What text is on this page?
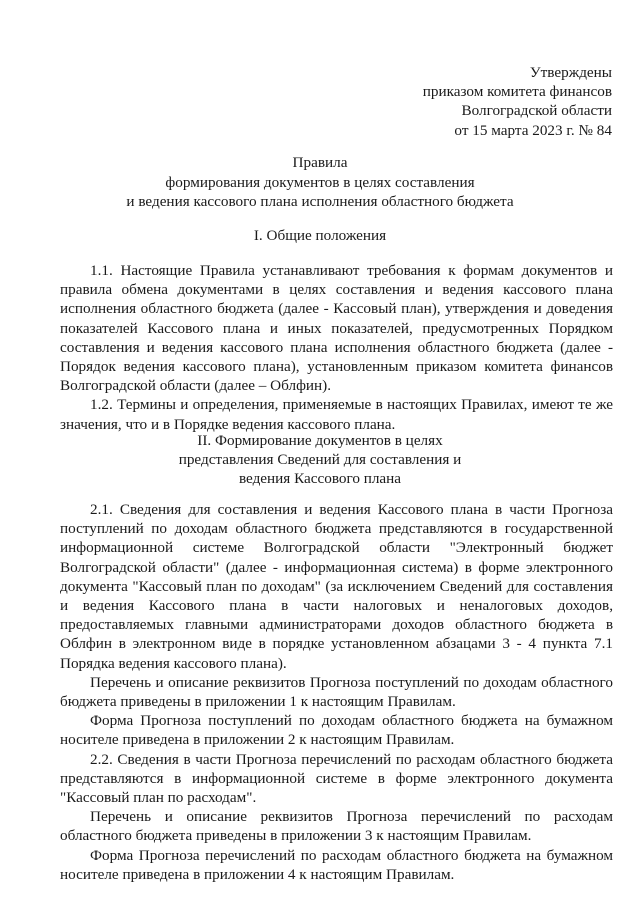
Утверждены
приказом комитета финансов
Волгоградской области
от 15 марта 2023 г. № 84
Правила
формирования документов в целях составления
и ведения кассового плана исполнения областного бюджета
I. Общие положения

1.1. Настоящие Правила устанавливают требования к формам документов и правила обмена документами в целях составления и ведения кассового плана исполнения областного бюджета (далее - Кассовый план), утверждения и доведения показателей Кассового плана и иных показателей, предусмотренных Порядком составления и ведения кассового плана исполнения областного бюджета (далее - Порядок ведения кассового плана), установленным приказом комитета финансов Волгоградской области (далее – Облфин).

1.2. Термины и определения, применяемые в настоящих Правилах, имеют те же значения, что и в Порядке ведения кассового плана.

II. Формирование документов в целях
представления Сведений для составления и
ведения Кассового плана

2.1. Сведения для составления и ведения Кассового плана в части Прогноза поступлений по доходам областного бюджета представляются в государственной информационной системе Волгоградской области "Электронный бюджет Волгоградской области" (далее - информационная система) в форме электронного документа "Кассовый план по доходам" (за исключением Сведений для составления и ведения Кассового плана в части налоговых и неналоговых доходов, предоставляемых главными администраторами доходов областного бюджета в Облфин в электронном виде в порядке установленном абзацами 3 - 4 пункта 7.1 Порядка ведения кассового плана).

Перечень и описание реквизитов Прогноза поступлений по доходам областного бюджета приведены в приложении 1 к настоящим Правилам.

Форма Прогноза поступлений по доходам областного бюджета на бумажном носителе приведена в приложении 2 к настоящим Правилам.

2.2. Сведения в части Прогноза перечислений по расходам областного бюджета представляются в информационной системе в форме электронного документа "Кассовый план по расходам".

Перечень и описание реквизитов Прогноза перечислений по расходам областного бюджета приведены в приложении 3 к настоящим Правилам.

Форма Прогноза перечислений по расходам областного бюджета на бумажном носителе приведена в приложении 4 к настоящим Правилам.
